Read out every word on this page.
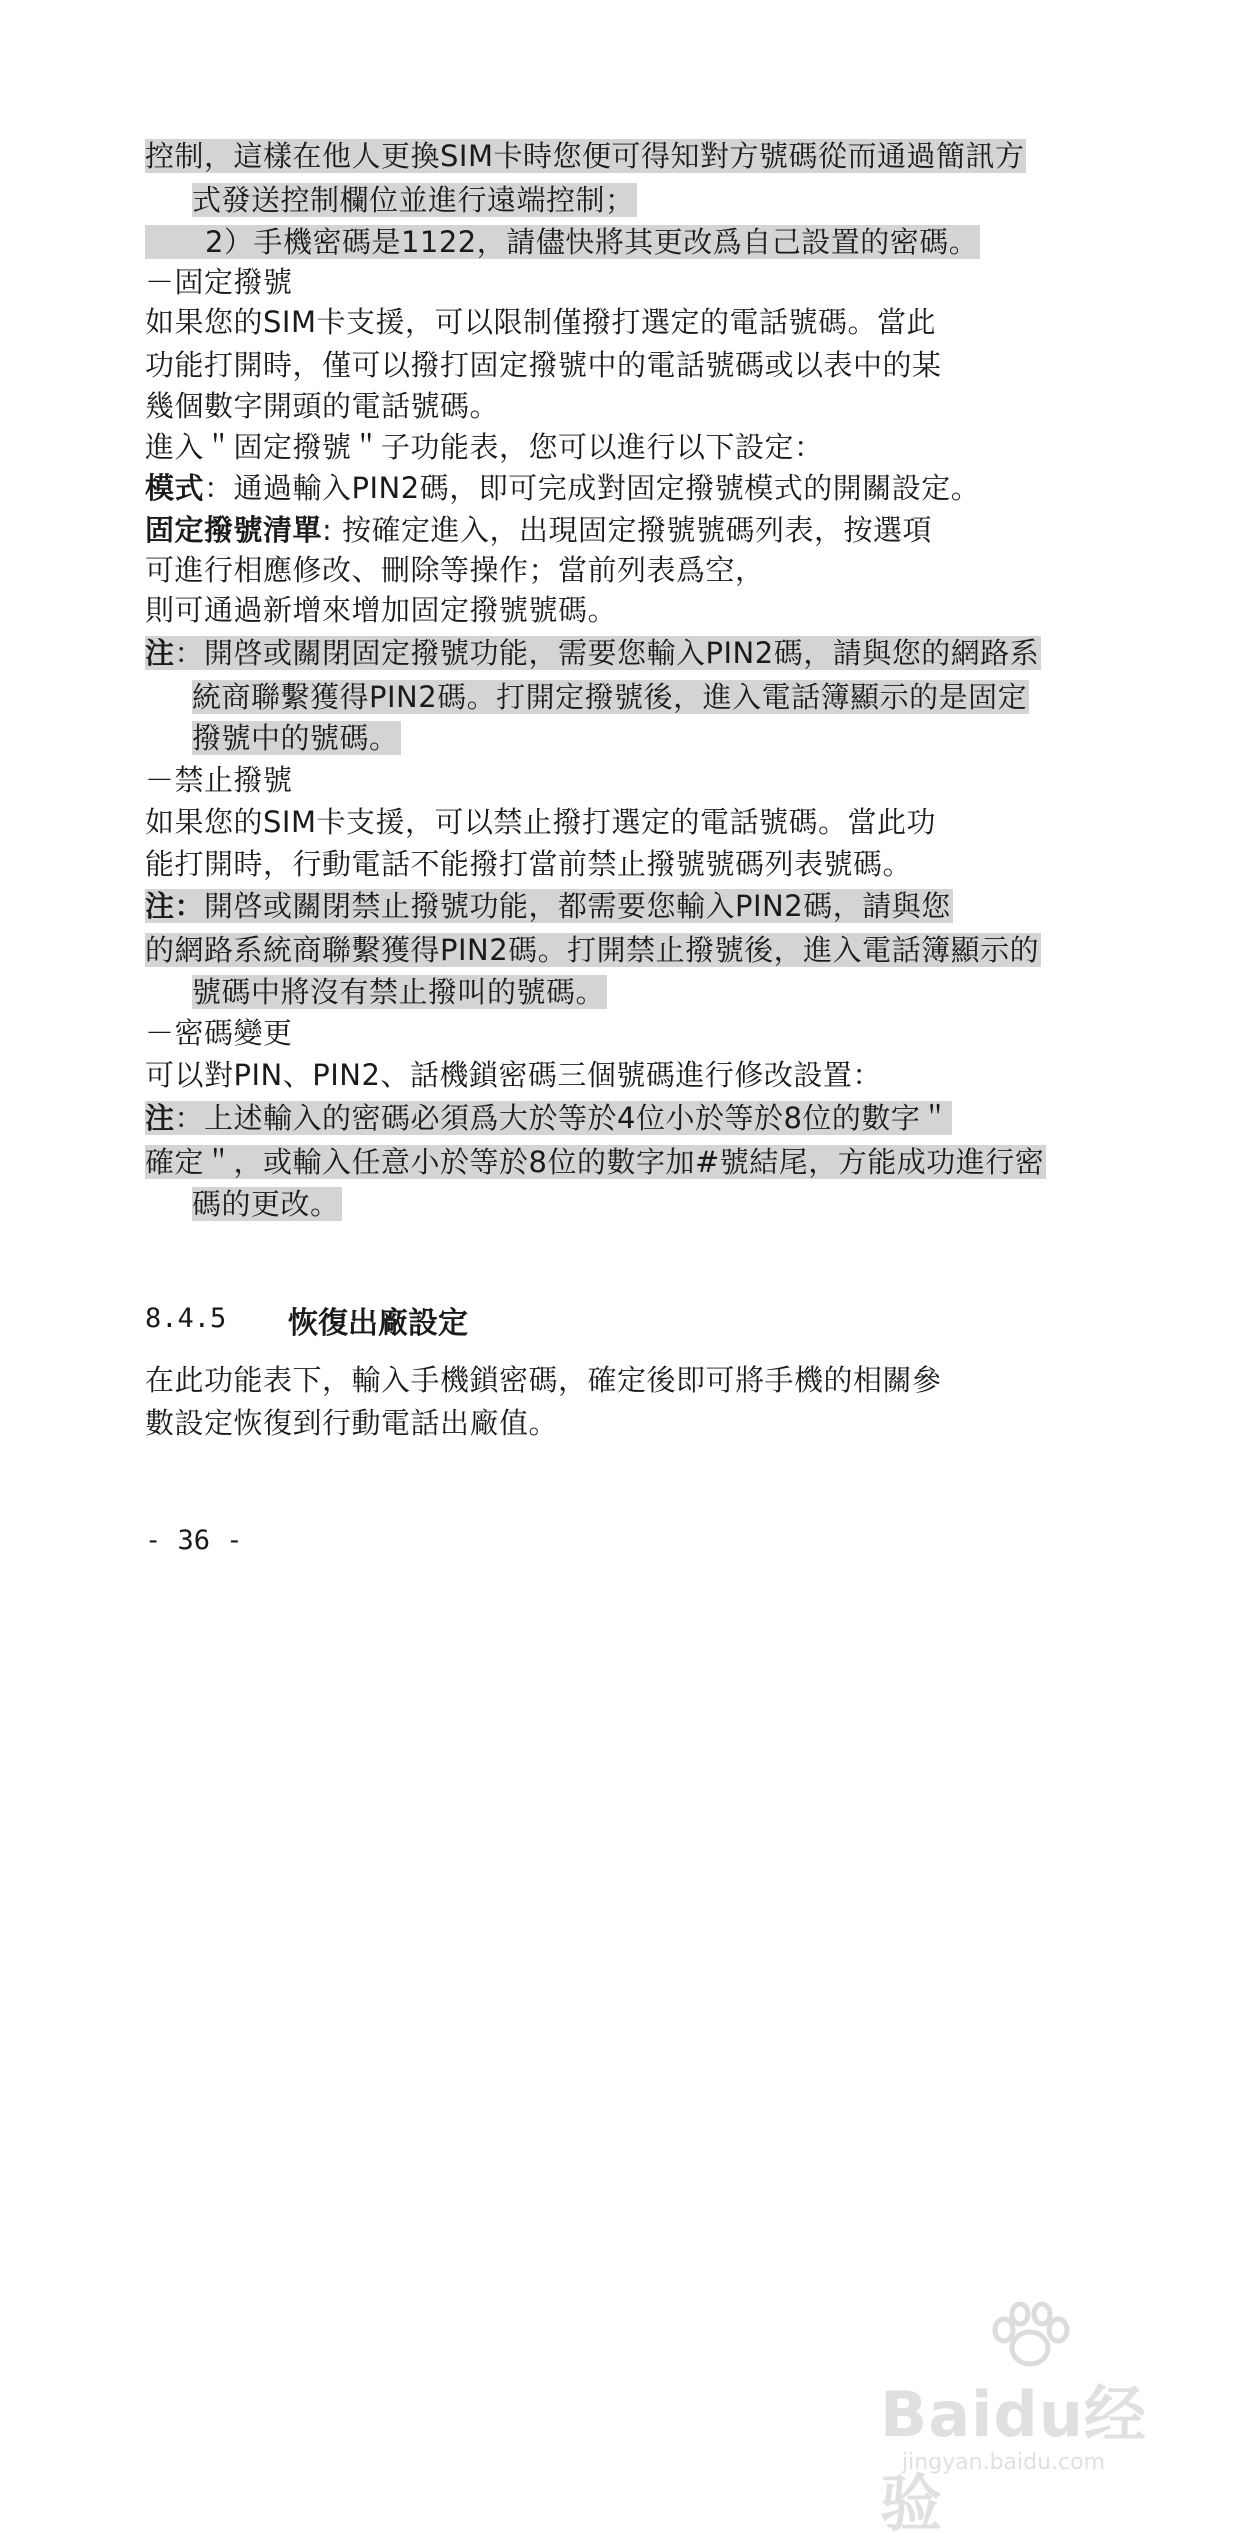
控制，這樣在他人更換SIM卡時您便可得知對方號碼從而通過簡訊方
式發送控制欄位並進行遠端控制；
2）手機密碼是1122，請儘快將其更改爲自己設置的密碼。
－固定撥號
如果您的SIM卡支援，可以限制僅撥打選定的電話號碼。當此
功能打開時，僅可以撥打固定撥號中的電話號碼或以表中的某
幾個數字開頭的電話號碼。
進入＂固定撥號＂子功能表，您可以進行以下設定：
模式：通過輸入PIN2碼，即可完成對固定撥號模式的開關設定。
固定撥號清單: 按確定進入，出現固定撥號號碼列表，按選項
可進行相應修改、刪除等操作；當前列表爲空，
則可通過新增來增加固定撥號號碼。
注：開啓或關閉固定撥號功能，需要您輸入PIN2碼，請與您的網路系
統商聯繫獲得PIN2碼。打開定撥號後，進入電話簿顯示的是固定
撥號中的號碼。
－禁止撥號
如果您的SIM卡支援，可以禁止撥打選定的電話號碼。當此功
能打開時，行動電話不能撥打當前禁止撥號號碼列表號碼。
注：開啓或關閉禁止撥號功能，都需要您輸入PIN2碼，請與您
的網路系統商聯繫獲得PIN2碼。打開禁止撥號後，進入電話簿顯示的
號碼中將沒有禁止撥叫的號碼。
－密碼變更
可以對PIN、PIN2、話機鎖密碼三個號碼進行修改設置：
注：上述輸入的密碼必須爲大於等於4位小於等於8位的數字＂
確定＂，或輸入任意小於等於8位的數字加#號結尾，方能成功進行密
碼的更改。
8.4.5 恢復出廠設定
在此功能表下，輸入手機鎖密碼，確定後即可將手機的相關參
數設定恢復到行動電話出廠值。
- 36 -
Baidu经验
jingyan.baidu.com
